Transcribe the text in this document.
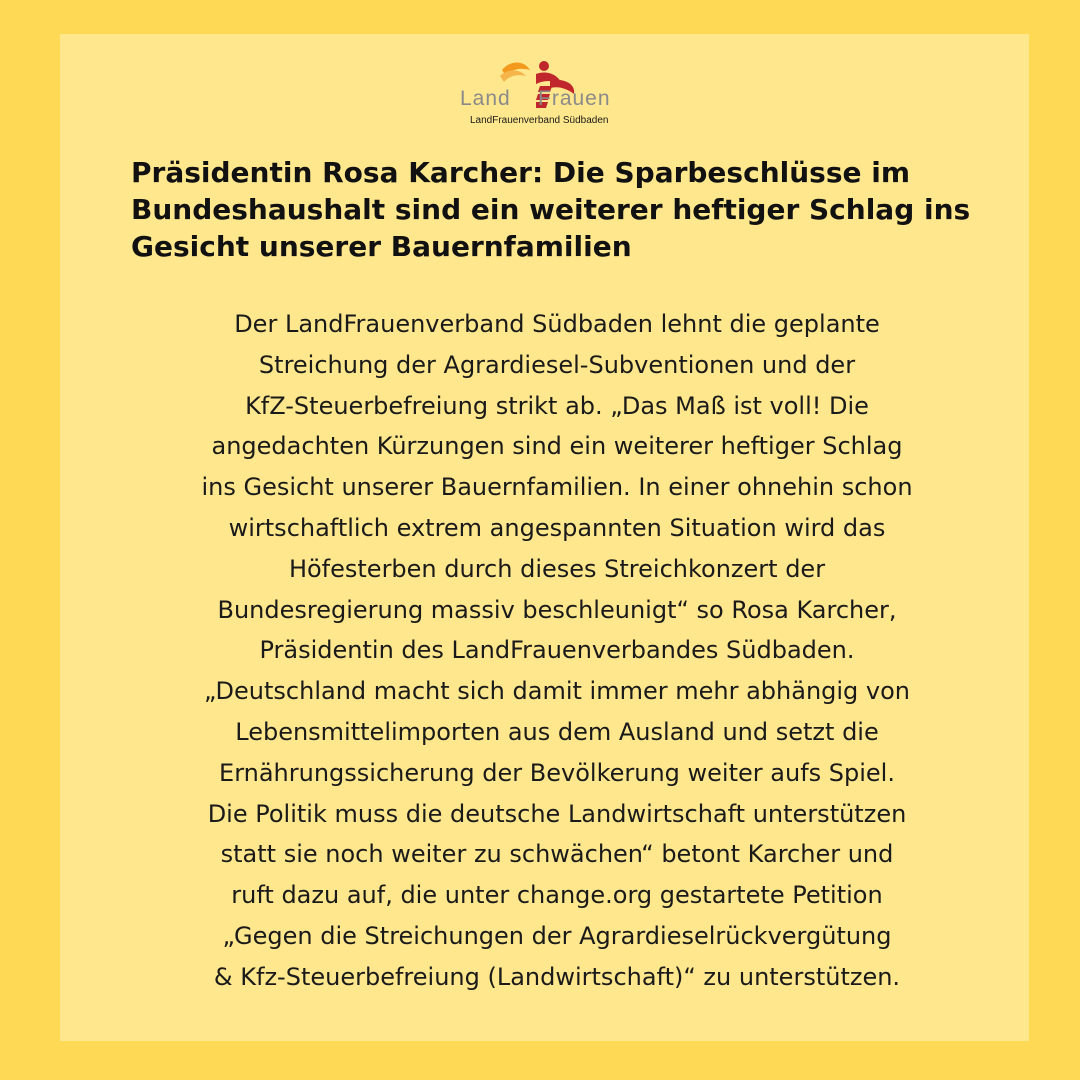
Land Frauen
LandFrauenverband Südbaden
Präsidentin Rosa Karcher: Die Sparbeschlüsse im Bundeshaushalt sind ein weiterer heftiger Schlag ins Gesicht unserer Bauernfamilien

Der LandFrauenverband Südbaden lehnt die geplante
Streichung der Agrardiesel-Subventionen und der
KfZ-Steuerbefreiung strikt ab. „Das Maß ist voll! Die
angedachten Kürzungen sind ein weiterer heftiger Schlag
ins Gesicht unserer Bauernfamilien. In einer ohnehin schon
wirtschaftlich extrem angespannten Situation wird das
Höfesterben durch dieses Streichkonzert der
Bundesregierung massiv beschleunigt“ so Rosa Karcher,
Präsidentin des LandFrauenverbandes Südbaden.
„Deutschland macht sich damit immer mehr abhängig von
Lebensmittelimporten aus dem Ausland und setzt die
Ernährungssicherung der Bevölkerung weiter aufs Spiel.
Die Politik muss die deutsche Landwirtschaft unterstützen
statt sie noch weiter zu schwächen“ betont Karcher und
ruft dazu auf, die unter change.org gestartete Petition
„Gegen die Streichungen der Agrardieselrückvergütung
& Kfz-Steuerbefreiung (Landwirtschaft)“ zu unterstützen.
